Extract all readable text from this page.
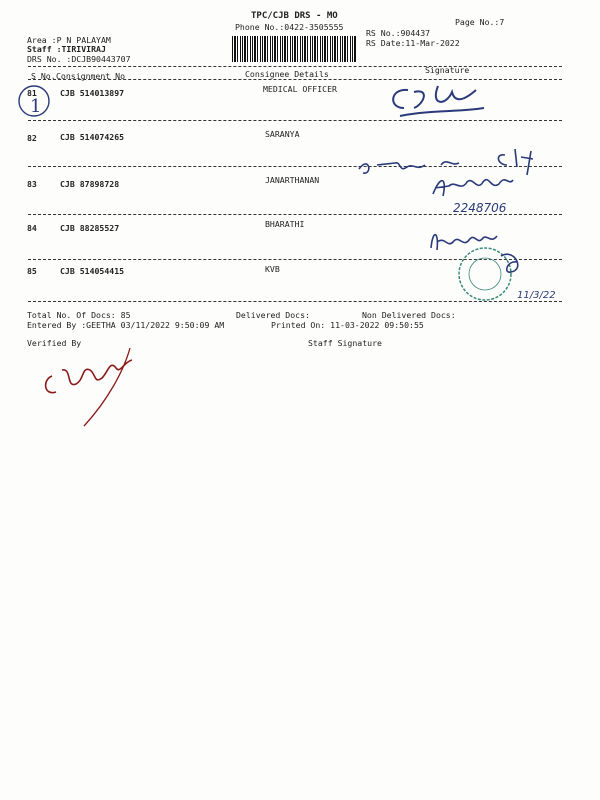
TPC/CJB DRS - MO
Phone No.:0422-3505555	Page No.:7
Area :P N PALAYAM
Staff :TIRIVIRAJ
DRS No. :DCJB90443707
RS No.:904437
RS Date:11-Mar-2022
S No. Consignment No	Consignee Details	Signature
81	CJB 514013897	MEDICAL OFFICER
82	CJB 514074265	SARANYA
83	CJB 87898728	JANARTHANAN
84	CJB 88285527	BHARATHI
85	CJB 514054415	KVB
Total No. Of Docs: 85	Delivered Docs:	Non Delivered Docs:
Entered By :GEETHA 03/11/2022 9:50:09 AM	Printed On: 11-03-2022 09:50:55
Verified By	Staff Signature
1
2248706
11/3/22
